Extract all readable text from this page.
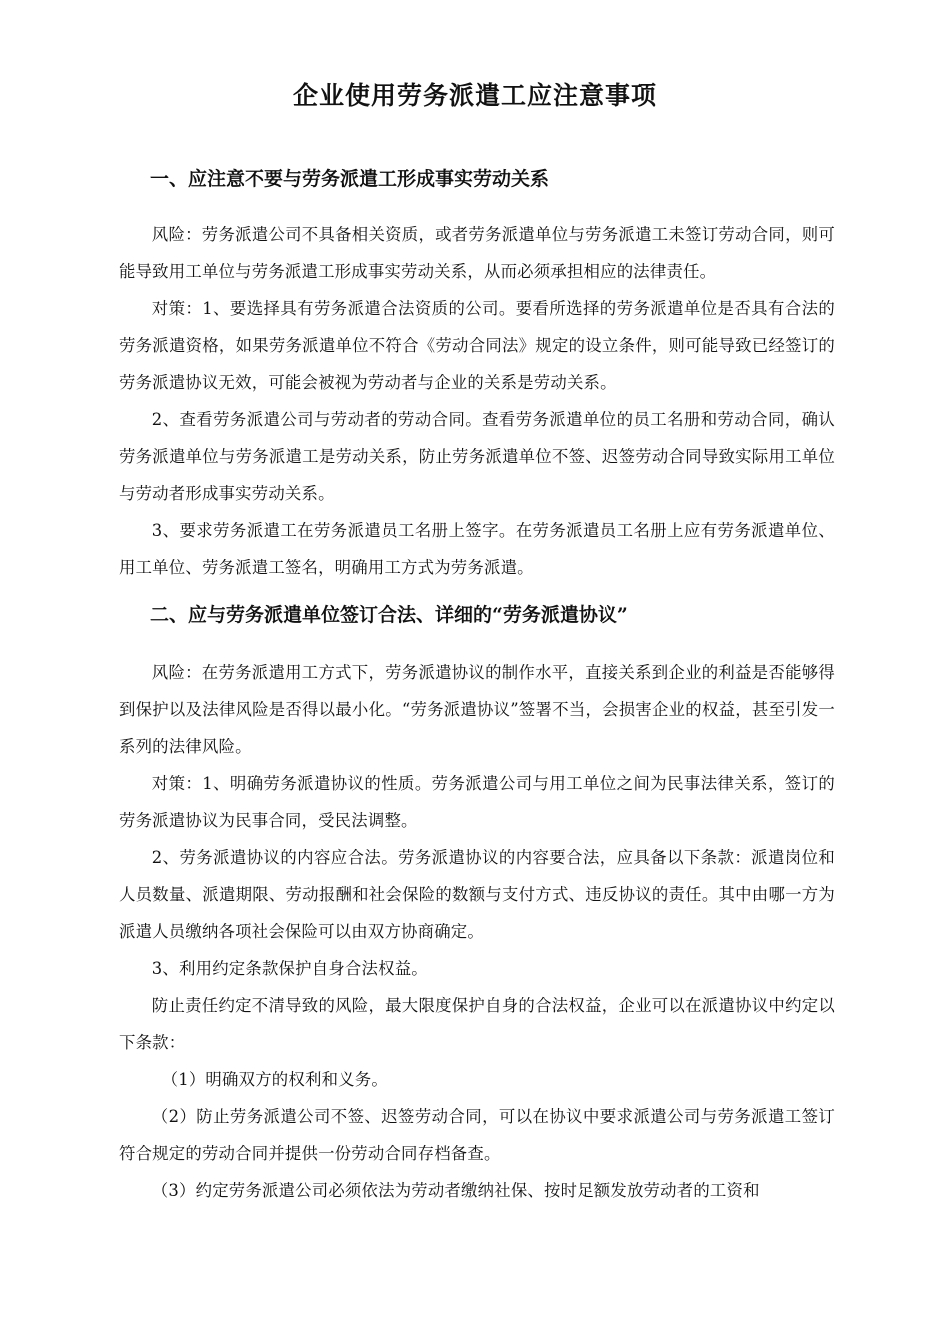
企业使用劳务派遣工应注意事项
一、应注意不要与劳务派遣工形成事实劳动关系

风险：劳务派遣公司不具备相关资质，或者劳务派遣单位与劳务派遣工未签订劳动合同，则可能导致用工单位与劳务派遣工形成事实劳动关系，从而必须承担相应的法律责任。

对策：1、要选择具有劳务派遣合法资质的公司。要看所选择的劳务派遣单位是否具有合法的劳务派遣资格，如果劳务派遣单位不符合《劳动合同法》规定的设立条件，则可能导致已经签订的劳务派遣协议无效，可能会被视为劳动者与企业的关系是劳动关系。

2、查看劳务派遣公司与劳动者的劳动合同。查看劳务派遣单位的员工名册和劳动合同，确认劳务派遣单位与劳务派遣工是劳动关系，防止劳务派遣单位不签、迟签劳动合同导致实际用工单位与劳动者形成事实劳动关系。

3、要求劳务派遣工在劳务派遣员工名册上签字。在劳务派遣员工名册上应有劳务派遣单位、用工单位、劳务派遣工签名，明确用工方式为劳务派遣。

二、应与劳务派遣单位签订合法、详细的“劳务派遣协议”

风险：在劳务派遣用工方式下，劳务派遣协议的制作水平，直接关系到企业的利益是否能够得到保护以及法律风险是否得以最小化。“劳务派遣协议”签署不当，会损害企业的权益，甚至引发一系列的法律风险。

对策：1、明确劳务派遣协议的性质。劳务派遣公司与用工单位之间为民事法律关系，签订的劳务派遣协议为民事合同，受民法调整。

2、劳务派遣协议的内容应合法。劳务派遣协议的内容要合法，应具备以下条款：派遣岗位和人员数量、派遣期限、劳动报酬和社会保险的数额与支付方式、违反协议的责任。其中由哪一方为派遣人员缴纳各项社会保险可以由双方协商确定。

3、利用约定条款保护自身合法权益。

防止责任约定不清导致的风险，最大限度保护自身的合法权益，企业可以在派遣协议中约定以下条款：

（1）明确双方的权利和义务。

（2）防止劳务派遣公司不签、迟签劳动合同，可以在协议中要求派遣公司与劳务派遣工签订符合规定的劳动合同并提供一份劳动合同存档备查。

（3）约定劳务派遣公司必须依法为劳动者缴纳社保、按时足额发放劳动者的工资和
